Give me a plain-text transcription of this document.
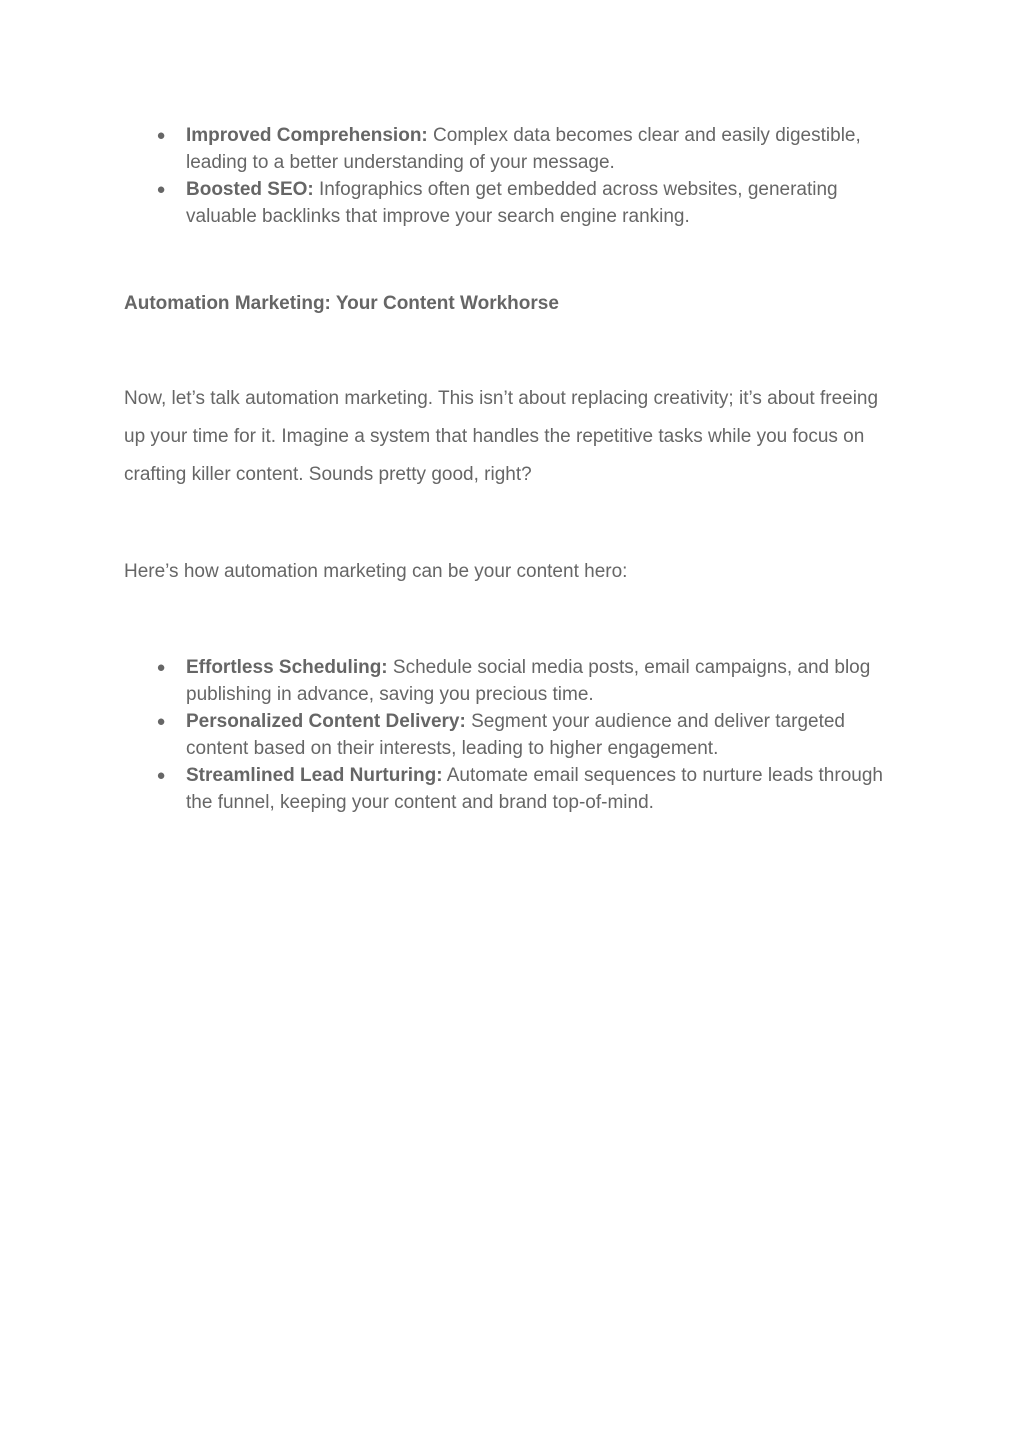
● Improved Comprehension: Complex data becomes clear and easily digestible, leading to a better understanding of your message.
● Boosted SEO: Infographics often get embedded across websites, generating valuable backlinks that improve your search engine ranking.
Automation Marketing: Your Content Workhorse

Now, let’s talk automation marketing. This isn’t about replacing creativity; it’s about freeing up your time for it. Imagine a system that handles the repetitive tasks while you focus on crafting killer content. Sounds pretty good, right?

Here’s how automation marketing can be your content hero:

● Effortless Scheduling: Schedule social media posts, email campaigns, and blog publishing in advance, saving you precious time.
● Personalized Content Delivery: Segment your audience and deliver targeted content based on their interests, leading to higher engagement.
● Streamlined Lead Nurturing: Automate email sequences to nurture leads through the funnel, keeping your content and brand top-of-mind.
